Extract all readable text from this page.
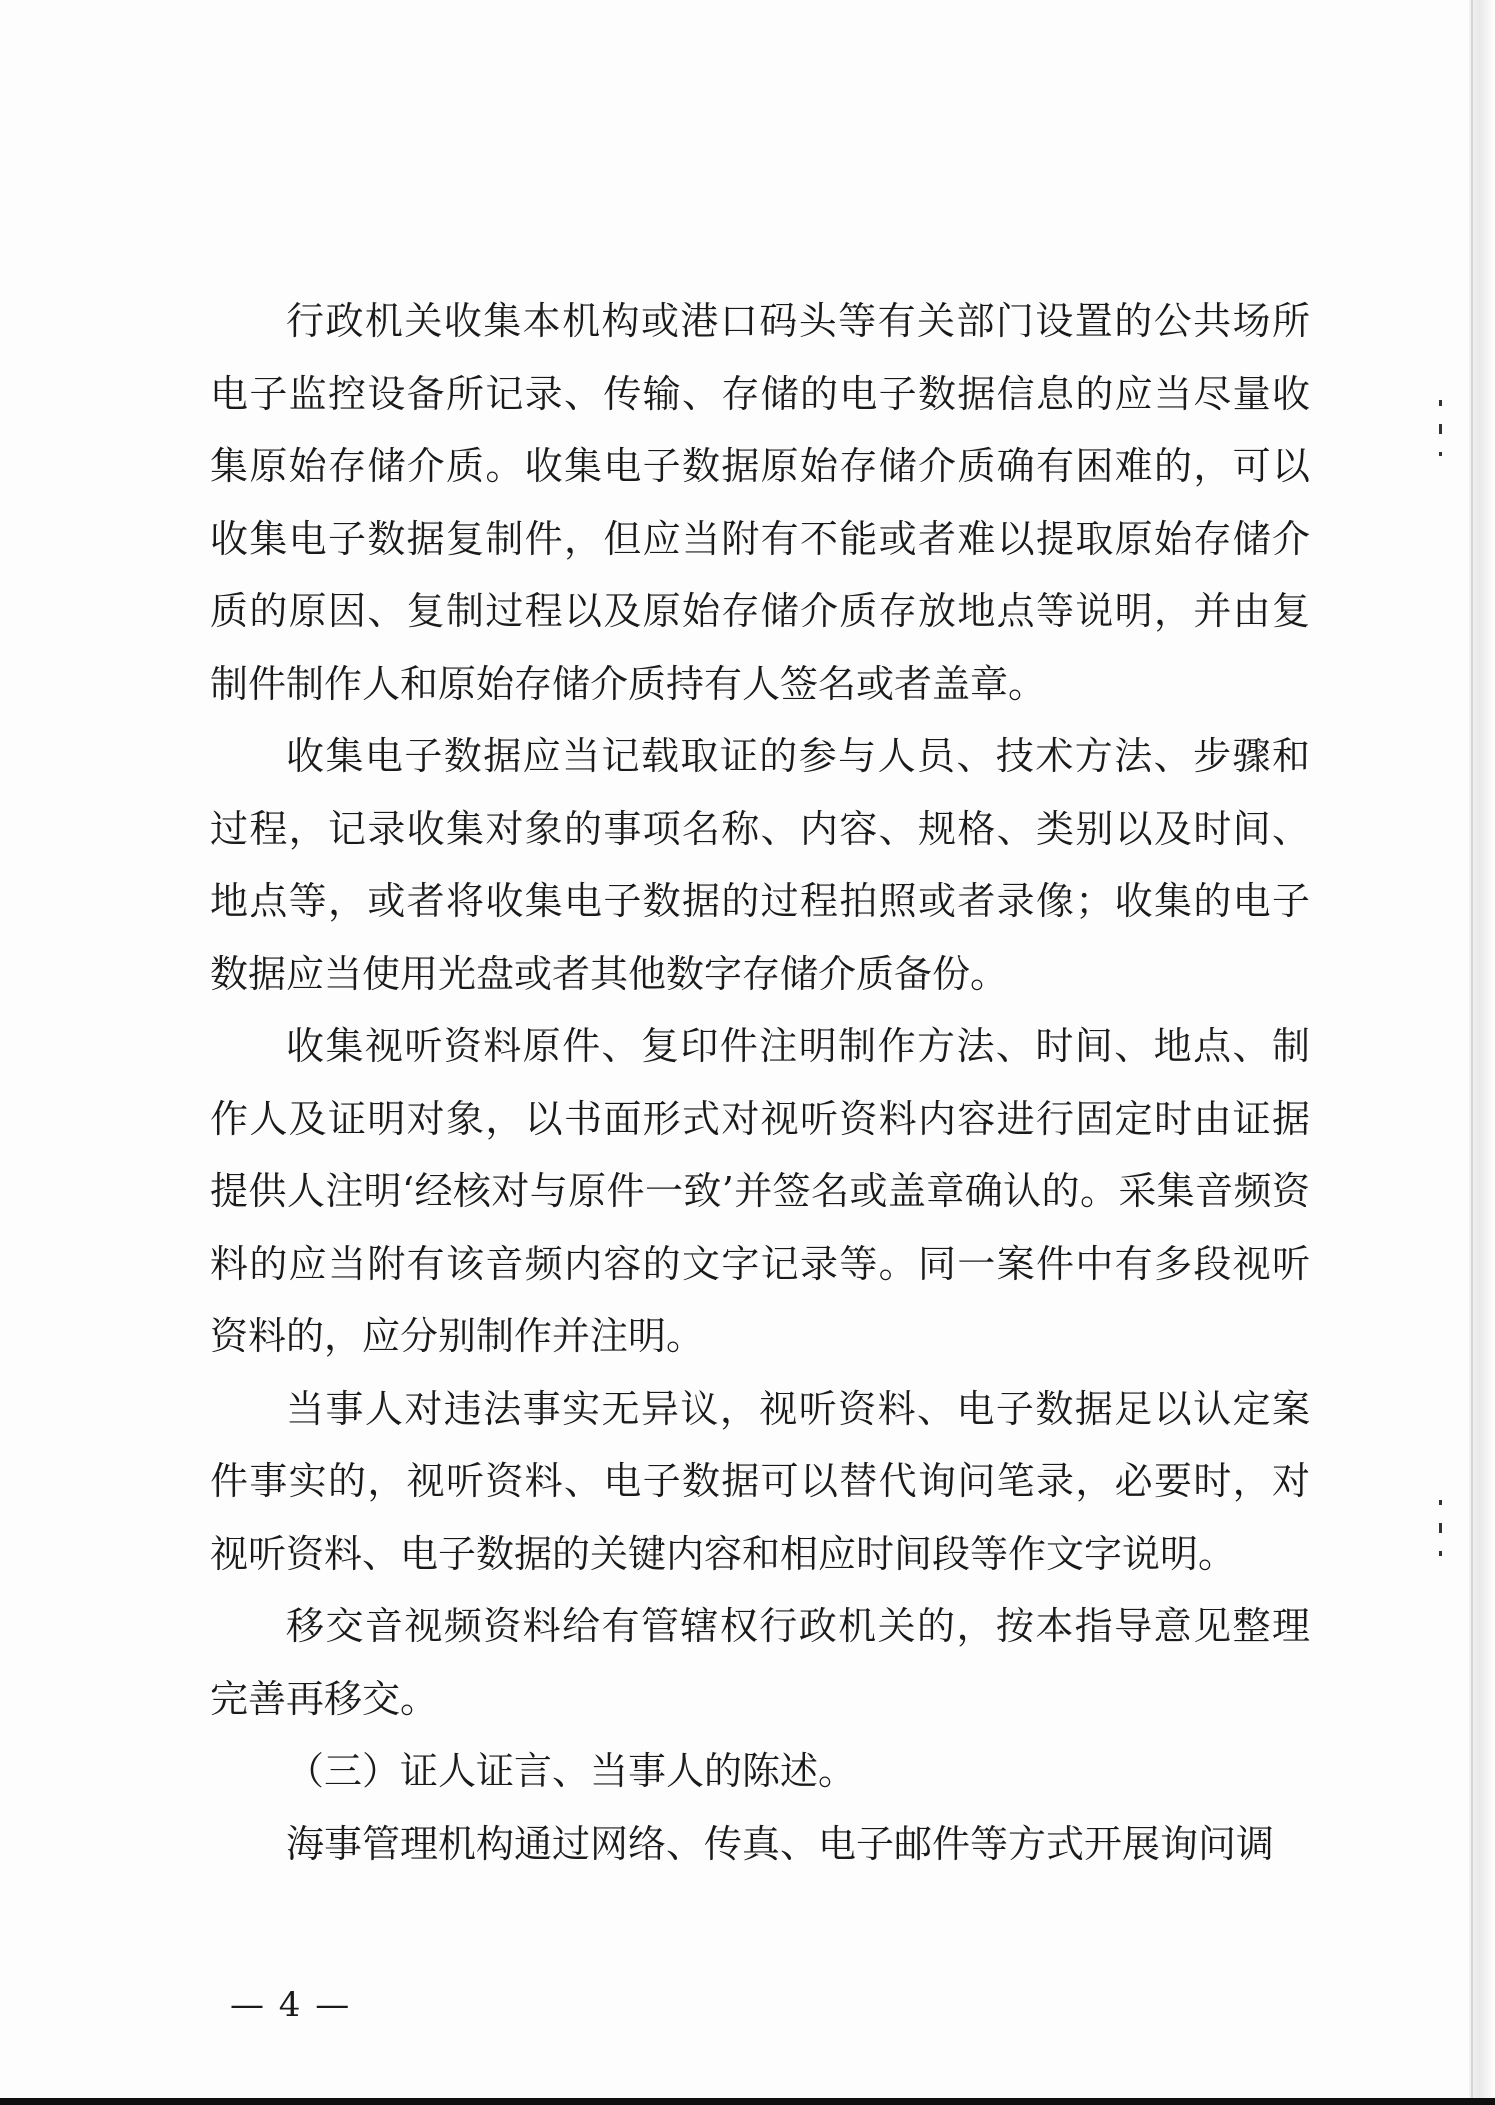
行政机关收集本机构或港口码头等有关部门设置的公共场所电子监控设备所记录、传输、存储的电子数据信息的应当尽量收集原始存储介质。收集电子数据原始存储介质确有困难的，可以收集电子数据复制件，但应当附有不能或者难以提取原始存储介质的原因、复制过程以及原始存储介质存放地点等说明，并由复制件制作人和原始存储介质持有人签名或者盖章。

收集电子数据应当记载取证的参与人员、技术方法、步骤和过程，记录收集对象的事项名称、内容、规格、类别以及时间、地点等，或者将收集电子数据的过程拍照或者录像；收集的电子数据应当使用光盘或者其他数字存储介质备份。

收集视听资料原件、复印件注明制作方法、时间、地点、制作人及证明对象，以书面形式对视听资料内容进行固定时由证据提供人注明‘经核对与原件一致’并签名或盖章确认的。采集音频资料的应当附有该音频内容的文字记录等。同一案件中有多段视听资料的，应分别制作并注明。

当事人对违法事实无异议，视听资料、电子数据足以认定案件事实的，视听资料、电子数据可以替代询问笔录，必要时，对视听资料、电子数据的关键内容和相应时间段等作文字说明。

移交音视频资料给有管辖权行政机关的，按本指导意见整理完善再移交。

（三）证人证言、当事人的陈述。

海事管理机构通过网络、传真、电子邮件等方式开展询问调

— 4 —
